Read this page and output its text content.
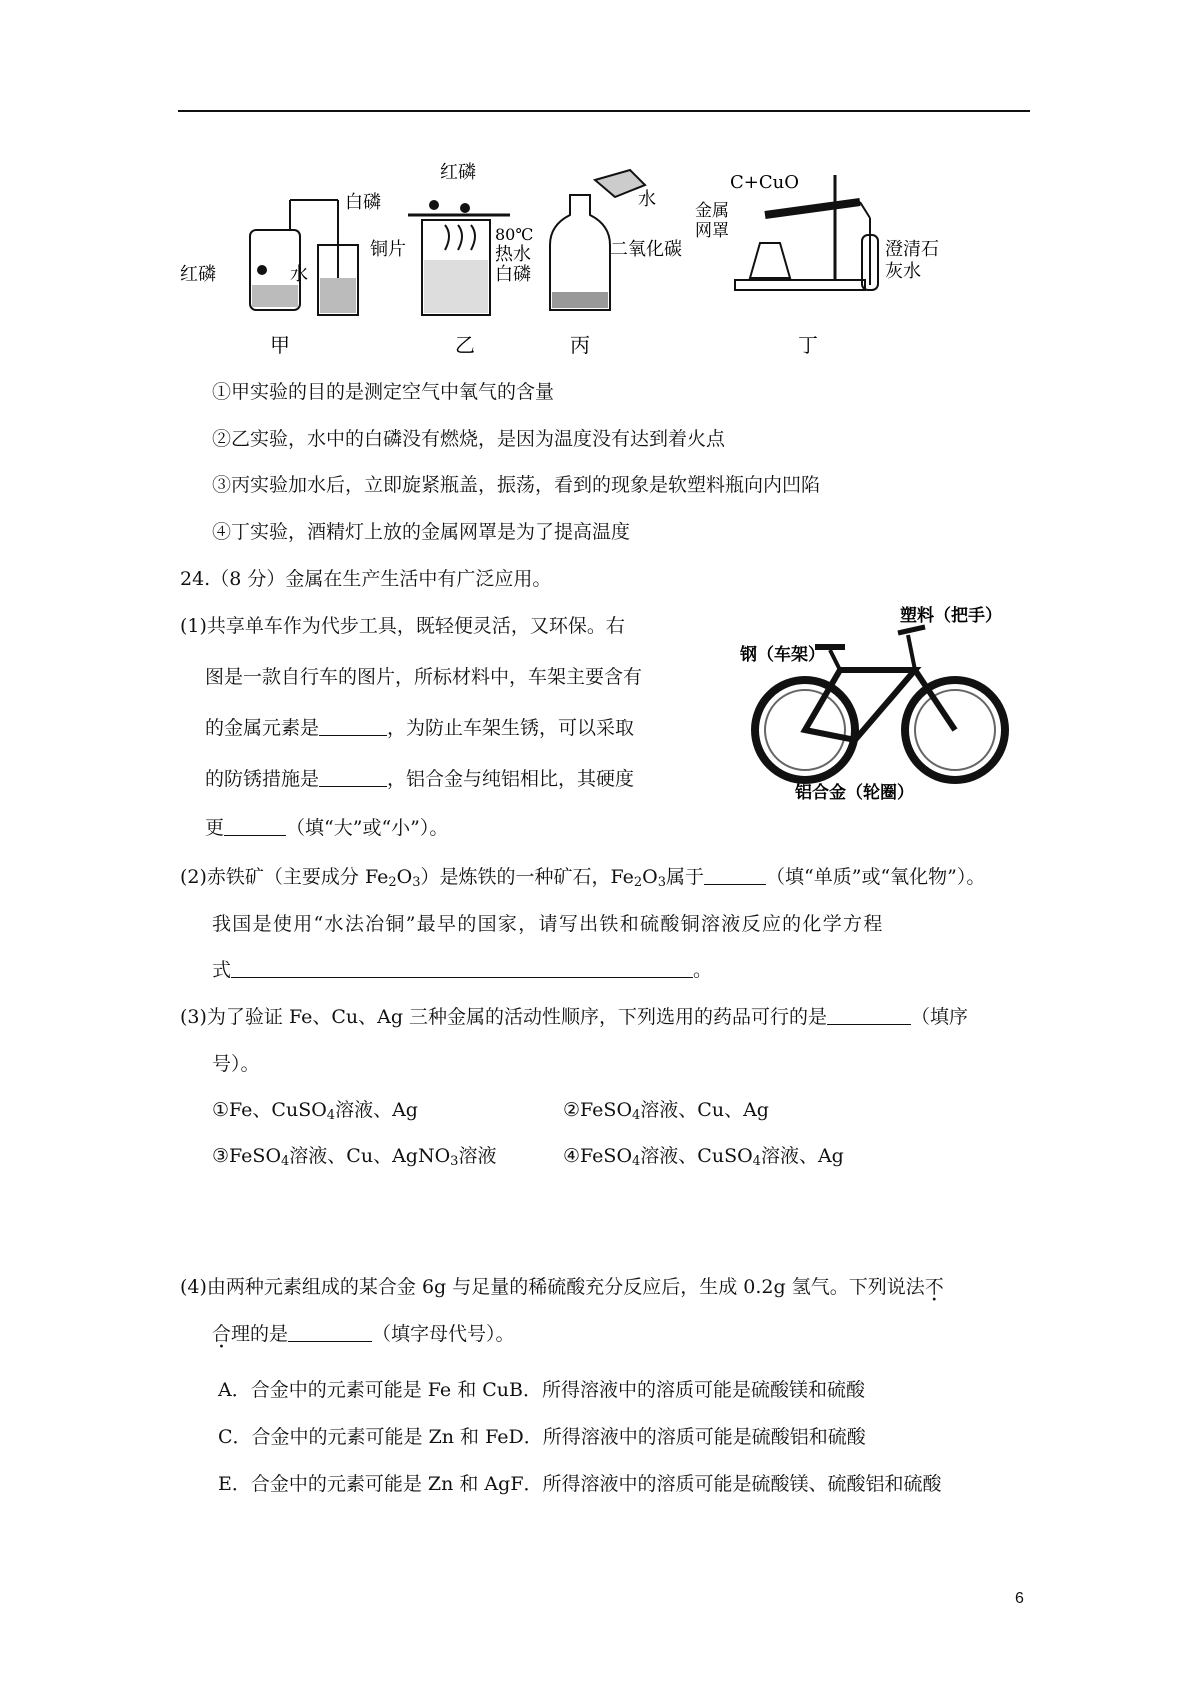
红磷	水
甲
红磷
白磷
铜片
80℃
热水
白磷
乙
水
二氧化碳
丙
C+CuO
金属
网罩
澄清石
灰水
丁
①甲实验的目的是测定空气中氧气的含量
②乙实验，水中的白磷没有燃烧，是因为温度没有达到着火点
③丙实验加水后，立即旋紧瓶盖，振荡，看到的现象是软塑料瓶向内凹陷
④丁实验，酒精灯上放的金属网罩是为了提高温度
24.（8 分）金属在生产生活中有广泛应用。
(1)共享单车作为代步工具，既轻便灵活，又环保。右
图是一款自行车的图片，所标材料中，车架主要含有
的金属元素是	，为防止车架生锈，可以采取
的防锈措施是	，铝合金与纯铝相比，其硬度
更	（填“大”或“小”）。
塑料（把手）
钢（车架）
铝合金（轮圈）
(2)赤铁矿（主要成分 Fe2O3）是炼铁的一种矿石，Fe2O3属于	（填“单质”或“氧化物”）。
我国是使用“水法冶铜”最早的国家，请写出铁和硫酸铜溶液反应的化学方程
式	。
(3)为了验证 Fe、Cu、Ag 三种金属的活动性顺序，下列选用的药品可行的是	（填序
号）。
①Fe、CuSO4溶液、Ag	②FeSO4溶液、Cu、Ag
③FeSO4溶液、Cu、AgNO3溶液	④FeSO4溶液、CuSO4溶液、Ag
(4)由两种元素组成的某合金 6g 与足量的稀硫酸充分反应后，生成 0.2g 氢气。下列说法不
合理的是	（填字母代号）。
A．合金中的元素可能是 Fe 和 CuB．所得溶液中的溶质可能是硫酸镁和硫酸
C．合金中的元素可能是 Zn 和 FeD．所得溶液中的溶质可能是硫酸铝和硫酸
E．合金中的元素可能是 Zn 和 AgF．所得溶液中的溶质可能是硫酸镁、硫酸铝和硫酸
6
